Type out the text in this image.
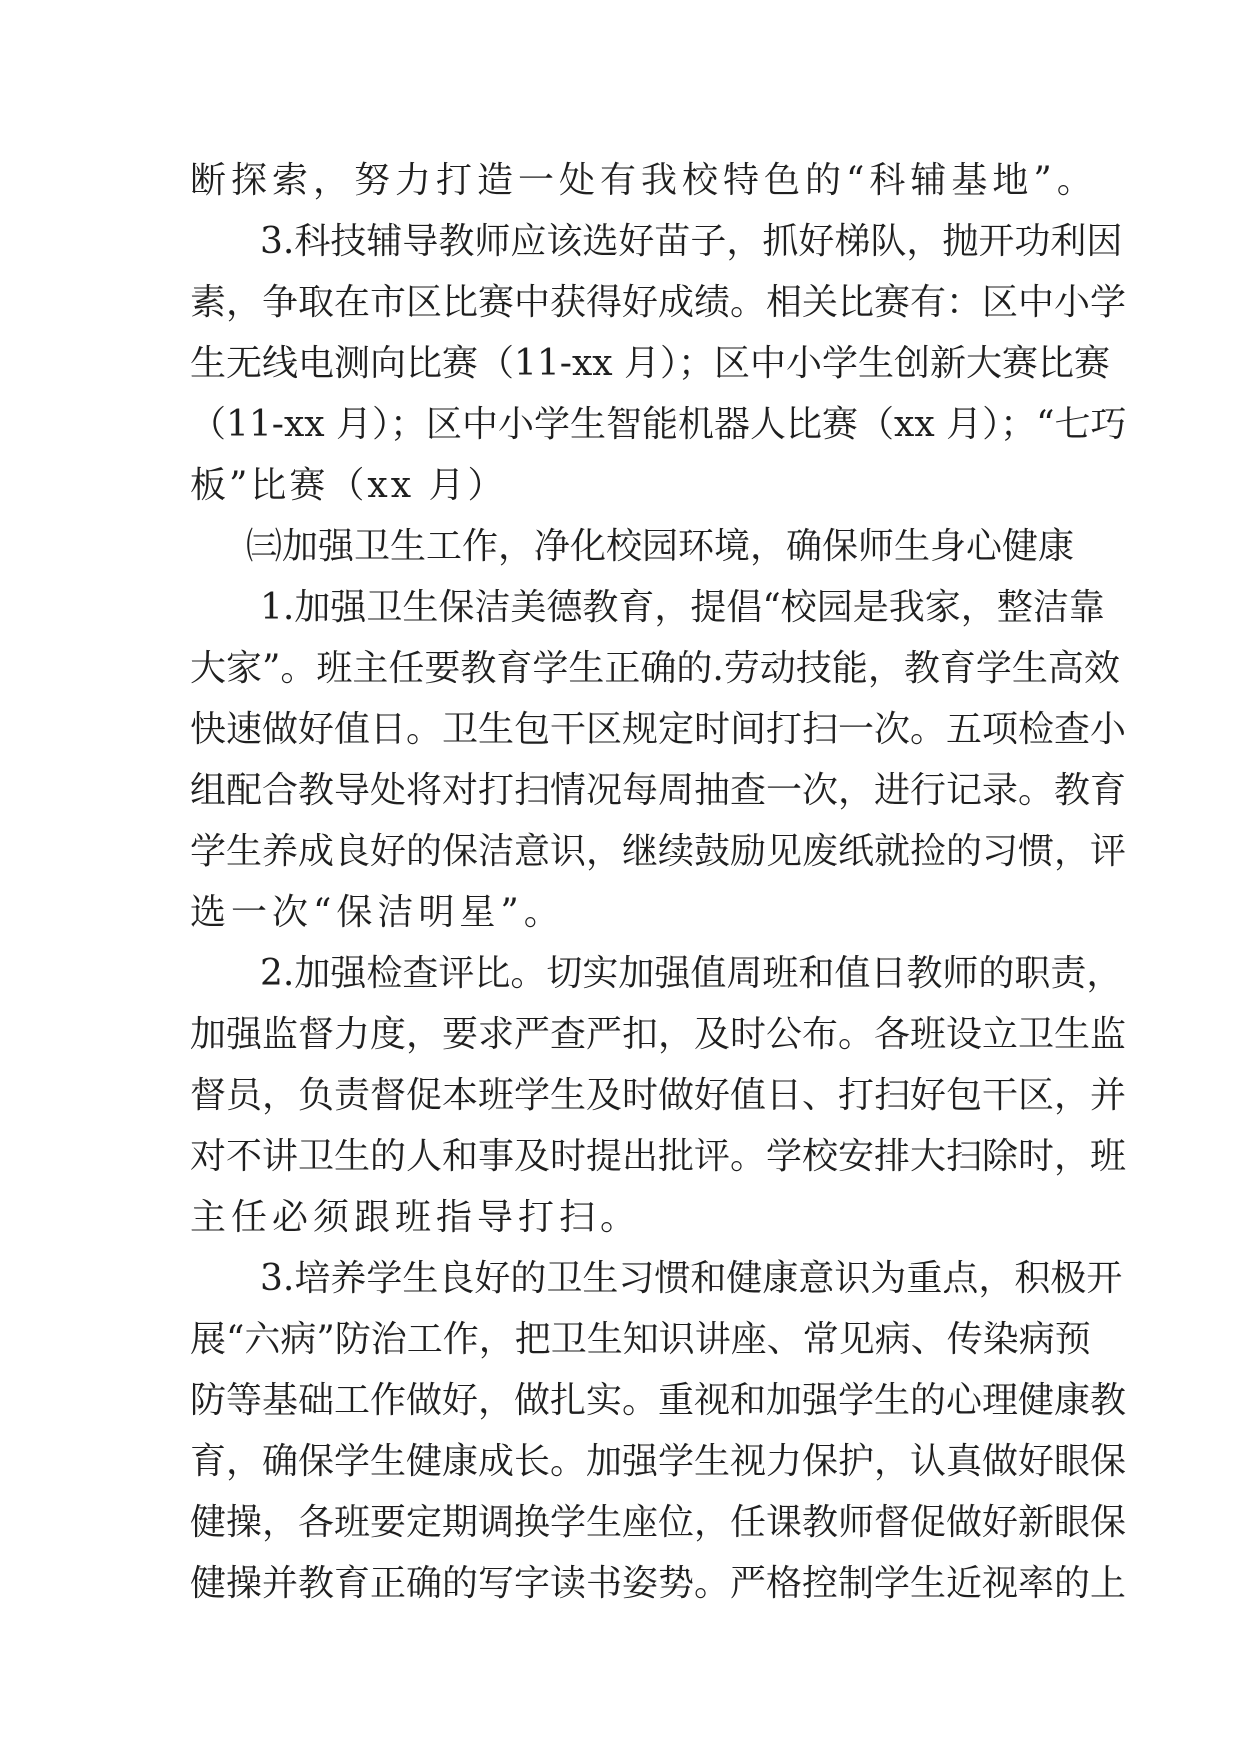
断探索，努力打造一处有我校特色的“科辅基地”。
3.科技辅导教师应该选好苗子，抓好梯队，抛开功利因
素，争取在市区比赛中获得好成绩。相关比赛有：区中小学
生无线电测向比赛（11-xx 月）；区中小学生创新大赛比赛
（11-xx 月）；区中小学生智能机器人比赛（xx 月）；“七巧
板”比赛（xx 月）
㈢加强卫生工作，净化校园环境，确保师生身心健康
1.加强卫生保洁美德教育，提倡“校园是我家，整洁靠
大家”。班主任要教育学生正确的.劳动技能，教育学生高效
快速做好值日。卫生包干区规定时间打扫一次。五项检查小
组配合教导处将对打扫情况每周抽查一次，进行记录。教育
学生养成良好的保洁意识，继续鼓励见废纸就捡的习惯，评
选一次“保洁明星”。
2.加强检查评比。切实加强值周班和值日教师的职责，
加强监督力度，要求严查严扣，及时公布。各班设立卫生监
督员，负责督促本班学生及时做好值日、打扫好包干区，并
对不讲卫生的人和事及时提出批评。学校安排大扫除时，班
主任必须跟班指导打扫。
3.培养学生良好的卫生习惯和健康意识为重点，积极开
展“六病”防治工作，把卫生知识讲座、常见病、传染病预
防等基础工作做好，做扎实。重视和加强学生的心理健康教
育，确保学生健康成长。加强学生视力保护，认真做好眼保
健操，各班要定期调换学生座位，任课教师督促做好新眼保
健操并教育正确的写字读书姿势。严格控制学生近视率的上
